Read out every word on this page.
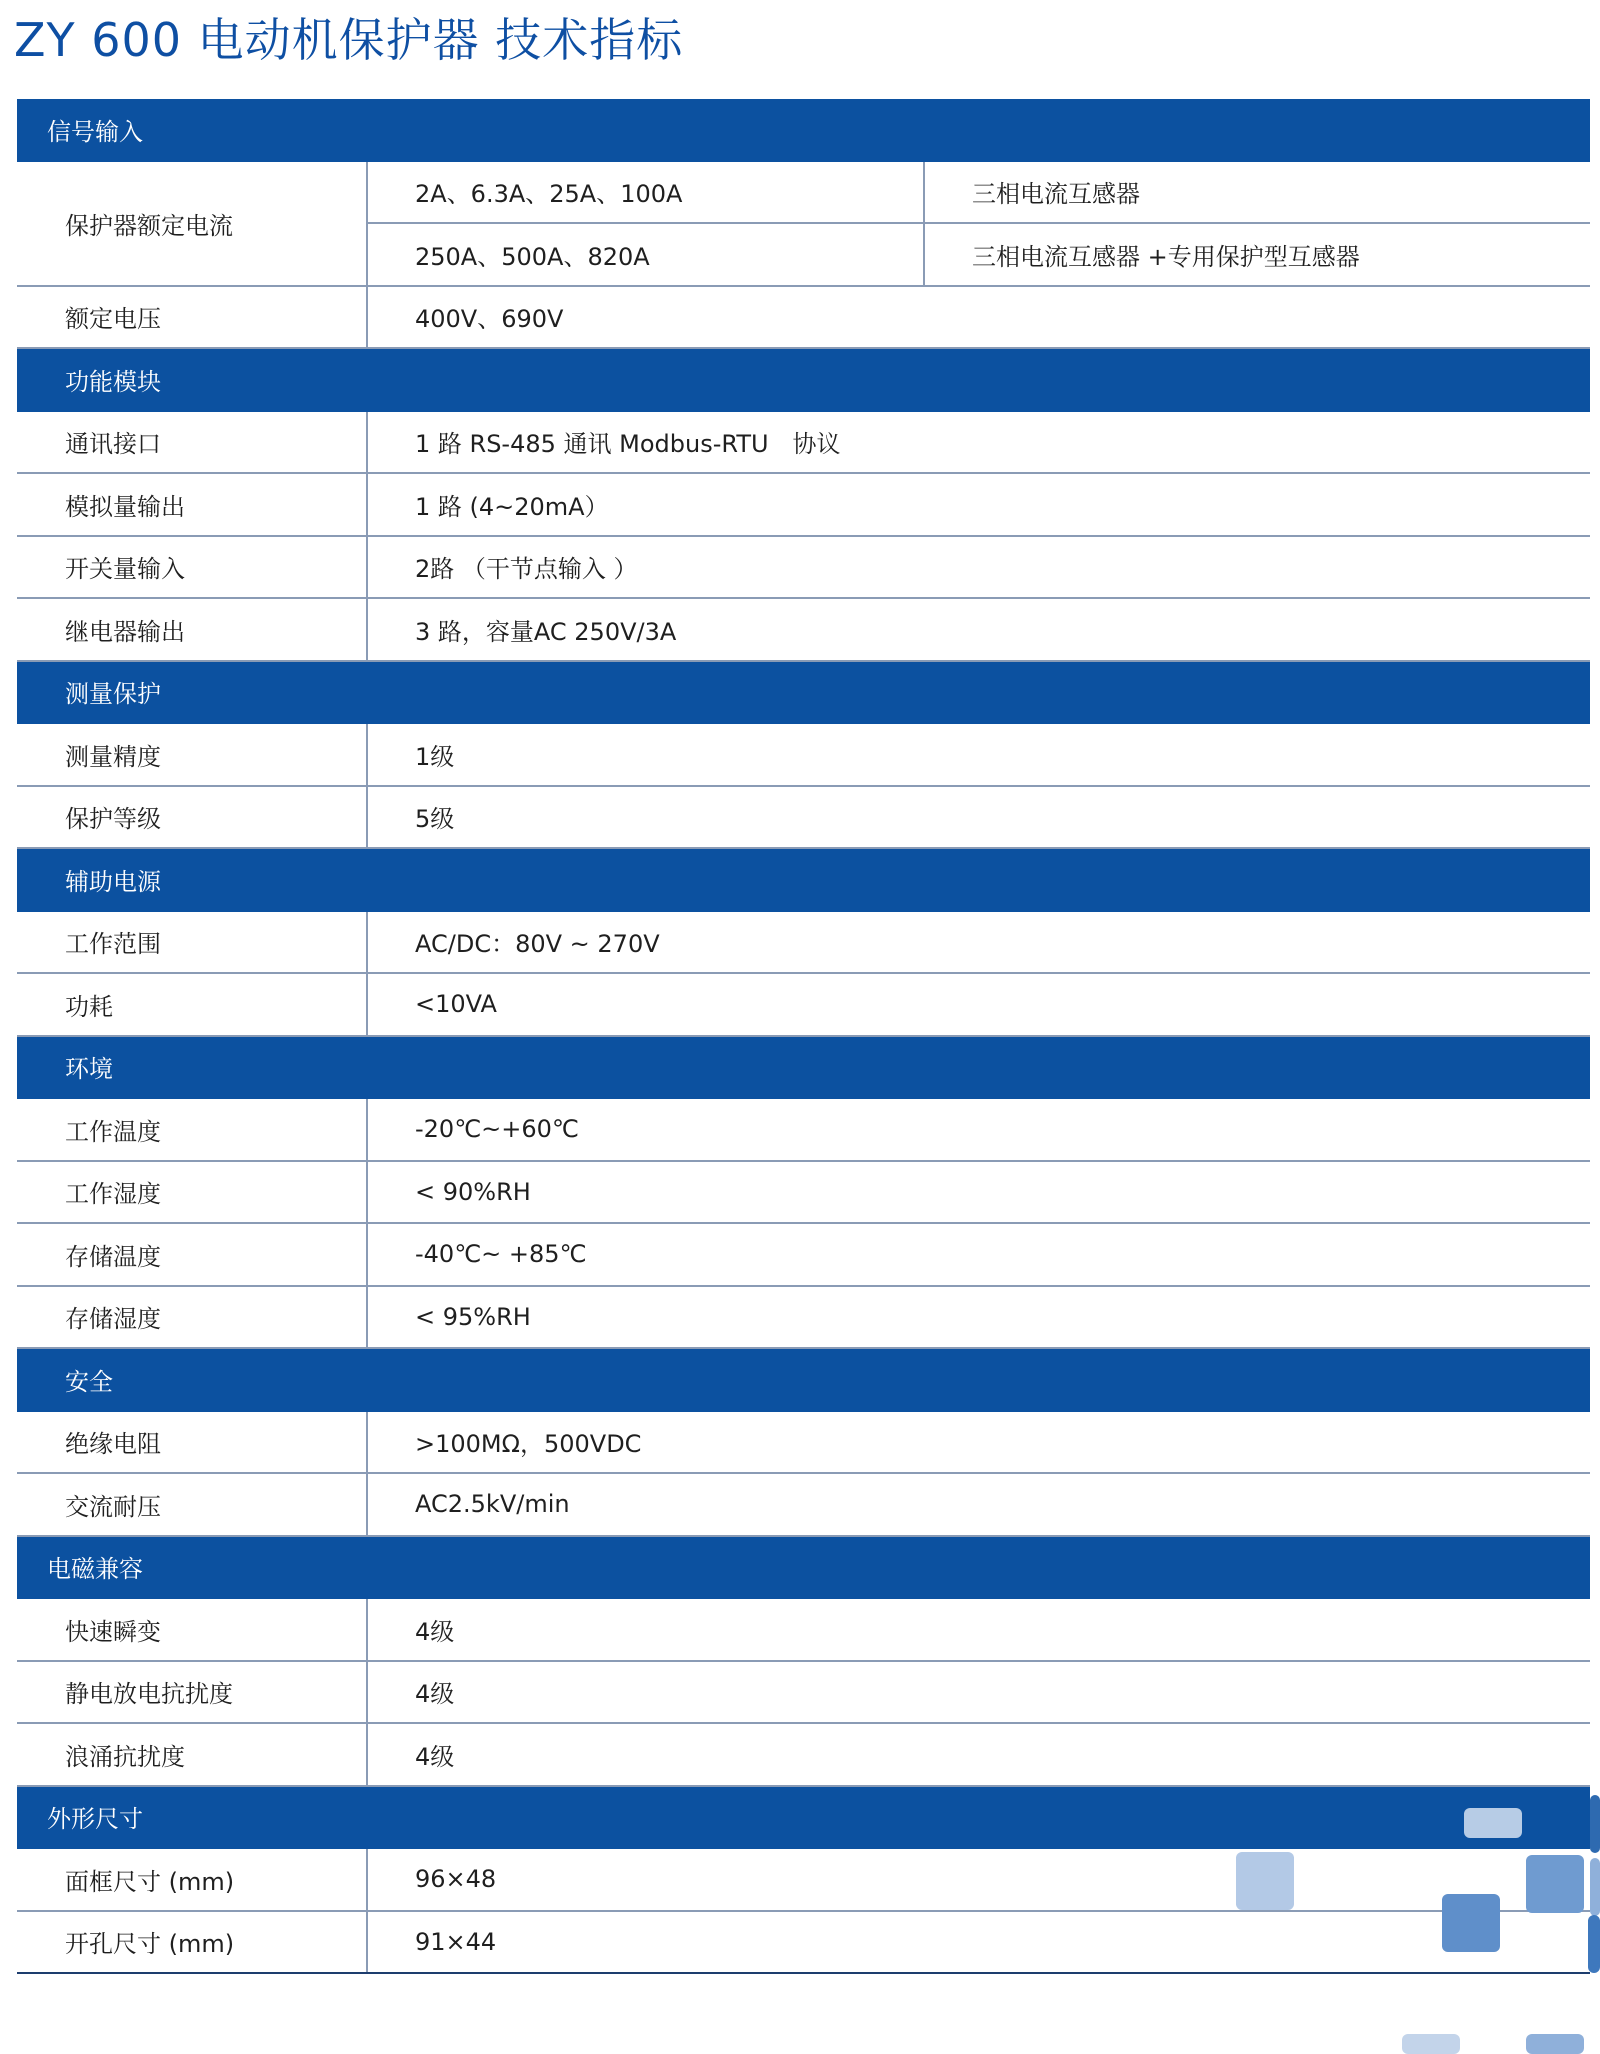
ZY 600 电动机保护器 技术指标
信号输入		
保护器额定电流	2A、6.3A、25A、100A	三相电流互感器
	250A、500A、820A	三相电流互感器 +专用保护型互感器
额定电压	400V、690V	
功能模块		
通讯接口	1 路 RS-485 通讯 Modbus-RTU　协议	
模拟量输出	1 路 (4~20mA）	
开关量输入	2路 （干节点输入 ）	
继电器输出	3 路，容量AC 250V/3A	
测量保护		
测量精度	1级	
保护等级	5级	
辅助电源		
工作范围	AC/DC：80V ~ 270V	
功耗	<10VA	
环境		
工作温度	-20℃~+60℃	
工作湿度	< 90%RH	
存储温度	-40℃~ +85℃	
存储湿度	< 95%RH	
安全		
绝缘电阻	>100MΩ，500VDC	
交流耐压	AC2.5kV/min	
电磁兼容		
快速瞬变	4级	
静电放电抗扰度	4级	
浪涌抗扰度	4级	
外形尺寸		
面框尺寸 (mm)	96×48	
开孔尺寸 (mm)	91×44	
